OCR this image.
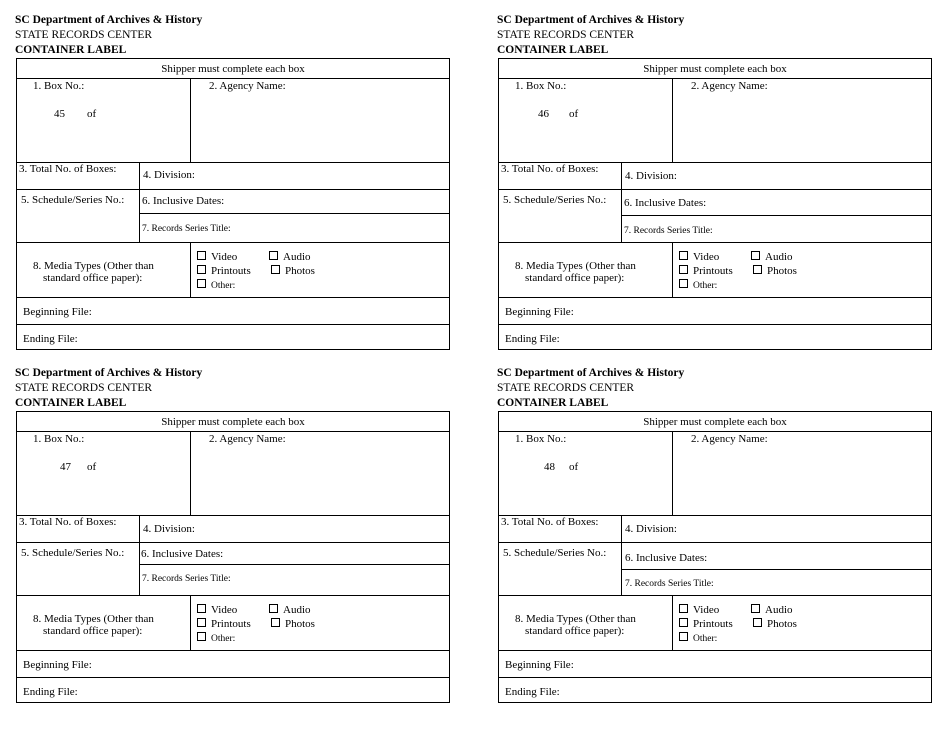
SC Department of Archives & History
STATE RECORDS CENTER
CONTAINER LABEL
Shipper must complete each box
1. Box No.:
45 of
2. Agency Name:
3. Total No. of Boxes: 4. Division:
5. Schedule/Series No.: 6. Inclusive Dates:
7. Records Series Title:
8. Media Types (Other than
standard office paper):
Video	Audio
Printouts	Photos
Other:
Beginning File:
Ending File:
SC Department of Archives & History
STATE RECORDS CENTER
CONTAINER LABEL
Shipper must complete each box
1. Box No.:
46 of
2. Agency Name:
3. Total No. of Boxes:
4. Division:
5. Schedule/Series No.: 6. Inclusive Dates:
7. Records Series Title:
8. Media Types (Other than
standard office paper):
Video	Audio
Printouts	Photos
Other:
Beginning File:
Ending File:
SC Department of Archives & History
STATE RECORDS CENTER
CONTAINER LABEL
Shipper must complete each box
1. Box No.:
47 of
2. Agency Name:
3. Total No. of Boxes:
4. Division:
5. Schedule/Series No.: 6. Inclusive Dates:
7. Records Series Title:
8. Media Types (Other than
standard office paper):
Video	Audio
Printouts	Photos
Other:
Beginning File:
Ending File:
SC Department of Archives & History
STATE RECORDS CENTER
CONTAINER LABEL
Shipper must complete each box
1. Box No.:
48 of
2. Agency Name:
3. Total No. of Boxes:
4. Division:
5. Schedule/Series No.: 6. Inclusive Dates:
7. Records Series Title:
8. Media Types (Other than
standard office paper):
Video	Audio
Printouts	Photos
Other:
Beginning File:
Ending File:
